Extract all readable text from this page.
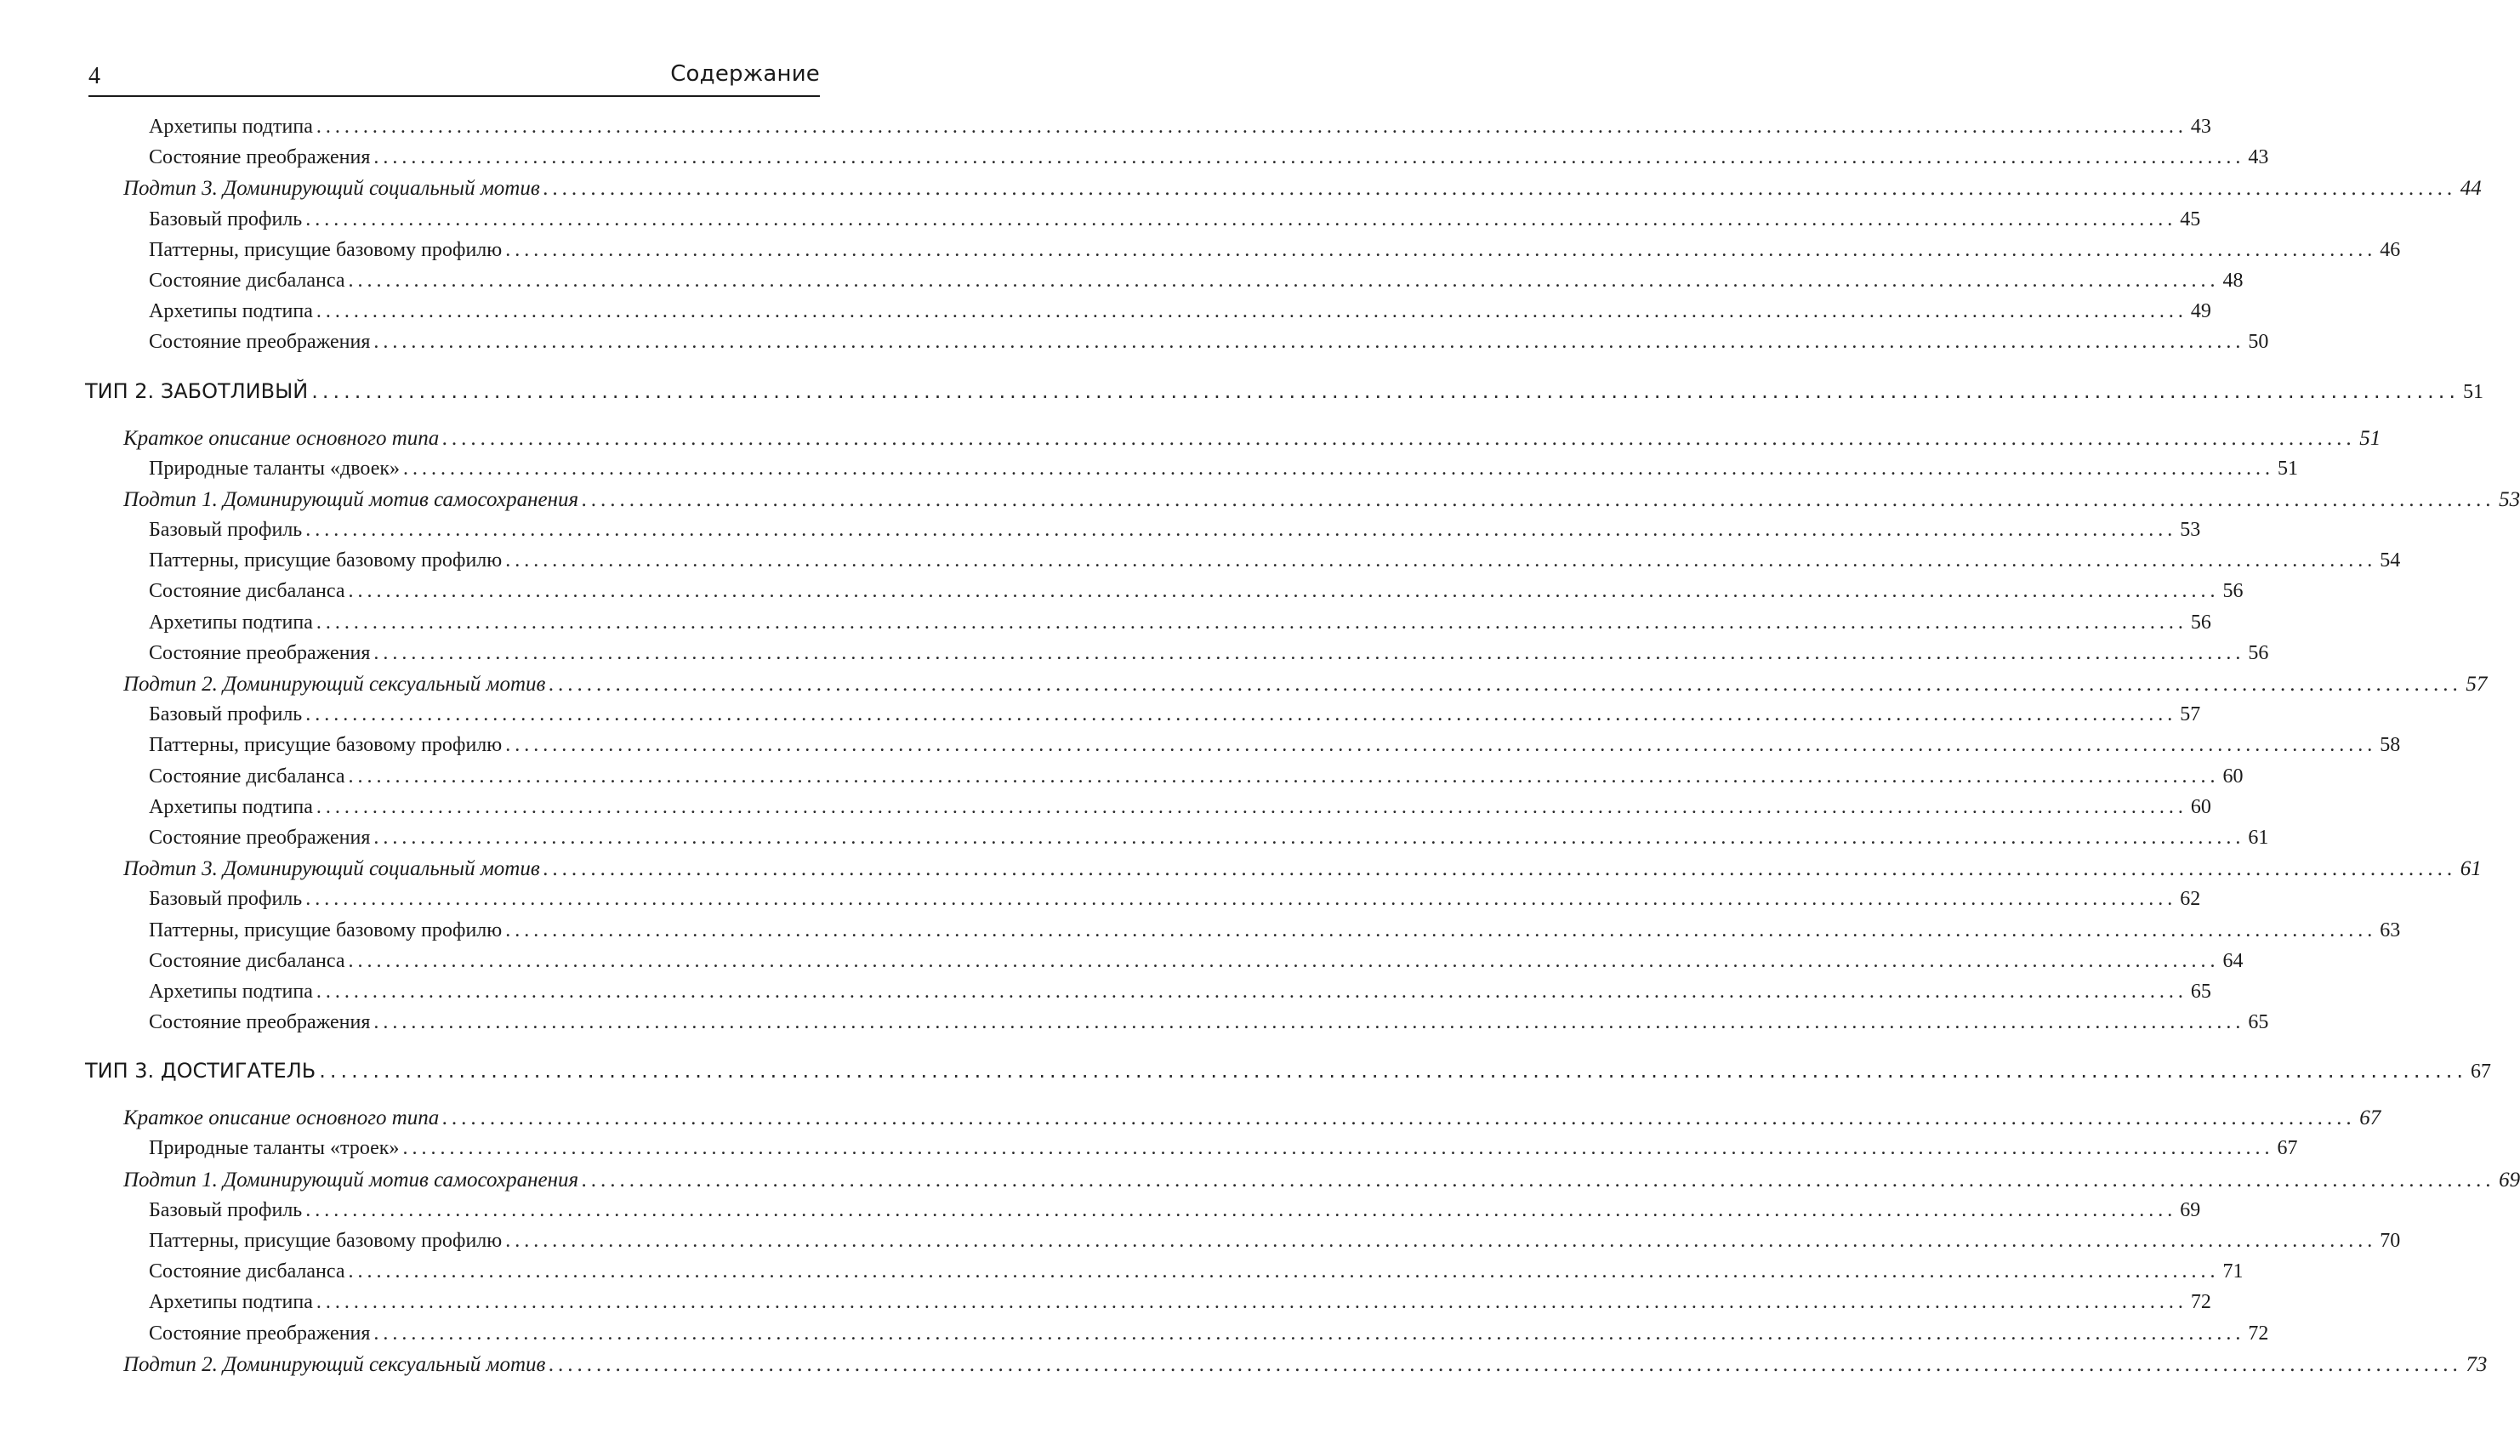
4	Содержание
Архетипы подтипа ........................................................................................................................................................................................................ 43
Состояние преображения ........................................................................................................................................................................................................ 43
Подтип 3. Доминирующий социальный мотив ........................................................................................................................................................................................................ 44
Базовый профиль ........................................................................................................................................................................................................ 45
Паттерны, присущие базовому профилю ........................................................................................................................................................................................................ 46
Состояние дисбаланса ........................................................................................................................................................................................................ 48
Архетипы подтипа ........................................................................................................................................................................................................ 49
Состояние преображения ........................................................................................................................................................................................................ 50
ТИП 2. ЗАБОТЛИВЫЙ ........................................................................................................................................................................................................ 51
Краткое описание основного типа ........................................................................................................................................................................................................ 51
Природные таланты «двоек» ........................................................................................................................................................................................................ 51
Подтип 1. Доминирующий мотив самосохранения ........................................................................................................................................................................................................ 53
Базовый профиль ........................................................................................................................................................................................................ 53
Паттерны, присущие базовому профилю ........................................................................................................................................................................................................ 54
Состояние дисбаланса ........................................................................................................................................................................................................ 56
Архетипы подтипа ........................................................................................................................................................................................................ 56
Состояние преображения ........................................................................................................................................................................................................ 56
Подтип 2. Доминирующий сексуальный мотив ........................................................................................................................................................................................................ 57
Базовый профиль ........................................................................................................................................................................................................ 57
Паттерны, присущие базовому профилю ........................................................................................................................................................................................................ 58
Состояние дисбаланса ........................................................................................................................................................................................................ 60
Архетипы подтипа ........................................................................................................................................................................................................ 60
Состояние преображения ........................................................................................................................................................................................................ 61
Подтип 3. Доминирующий социальный мотив ........................................................................................................................................................................................................ 61
Базовый профиль ........................................................................................................................................................................................................ 62
Паттерны, присущие базовому профилю ........................................................................................................................................................................................................ 63
Состояние дисбаланса ........................................................................................................................................................................................................ 64
Архетипы подтипа ........................................................................................................................................................................................................ 65
Состояние преображения ........................................................................................................................................................................................................ 65
ТИП 3. ДОСТИГАТЕЛЬ ........................................................................................................................................................................................................ 67
Краткое описание основного типа ........................................................................................................................................................................................................ 67
Природные таланты «троек» ........................................................................................................................................................................................................ 67
Подтип 1. Доминирующий мотив самосохранения ........................................................................................................................................................................................................ 69
Базовый профиль ........................................................................................................................................................................................................ 69
Паттерны, присущие базовому профилю ........................................................................................................................................................................................................ 70
Состояние дисбаланса ........................................................................................................................................................................................................ 71
Архетипы подтипа ........................................................................................................................................................................................................ 72
Состояние преображения ........................................................................................................................................................................................................ 72
Подтип 2. Доминирующий сексуальный мотив ........................................................................................................................................................................................................ 73
